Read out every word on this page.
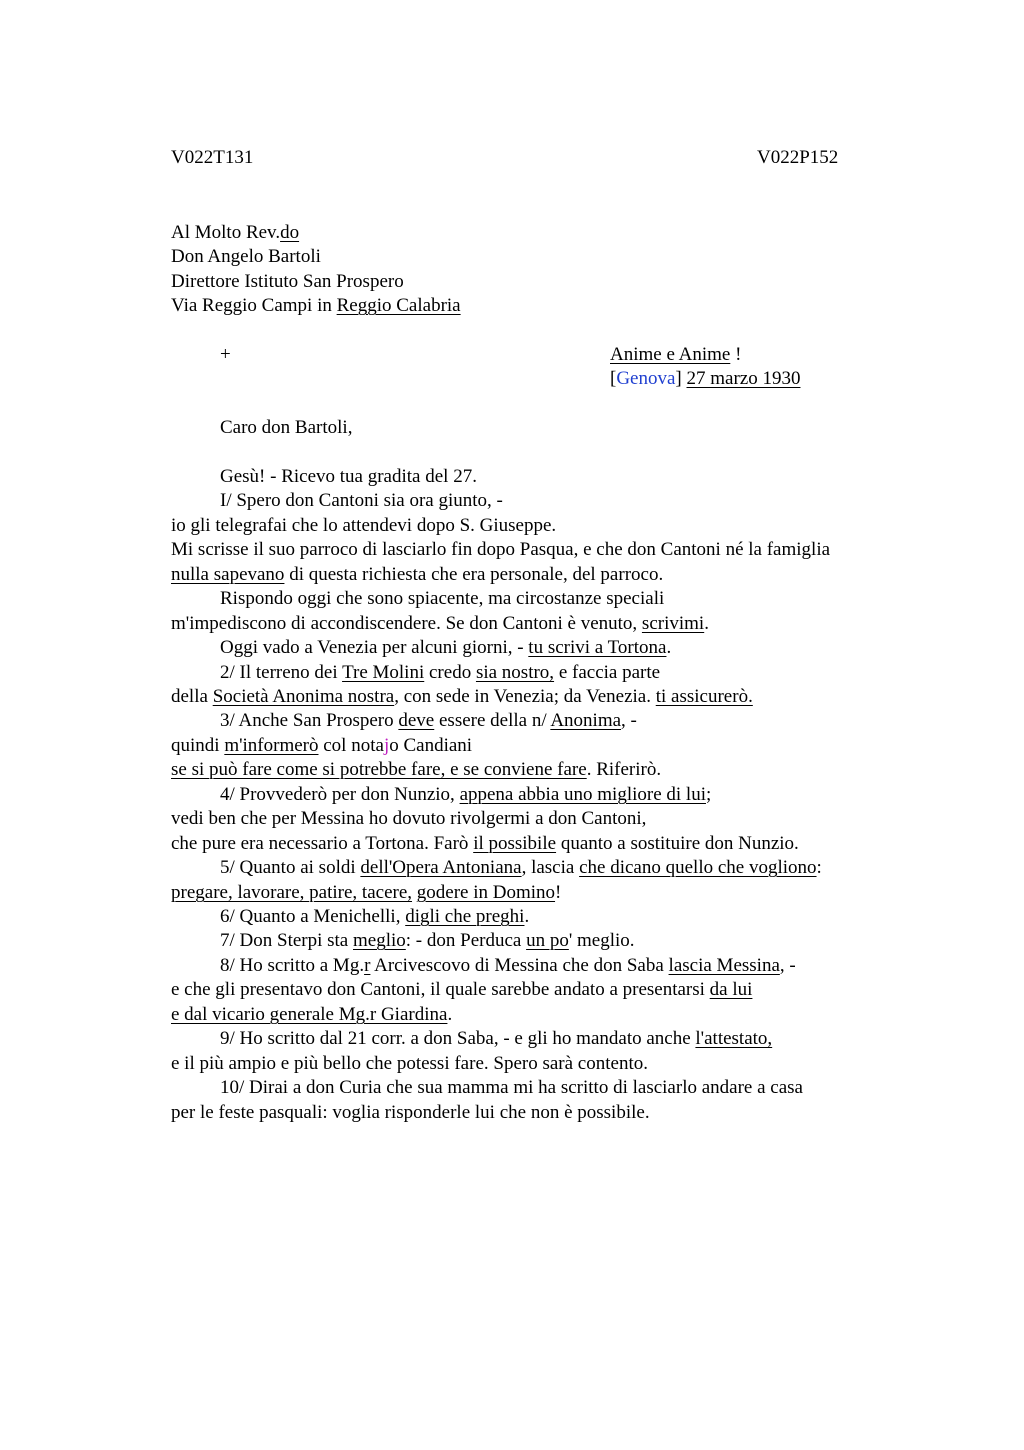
V022T131	V022P152
Al Molto Rev.do
Don Angelo Bartoli
Direttore Istituto San Prospero
Via Reggio Campi in Reggio Calabria
+	Anime e Anime !
[Genova] 27 marzo 1930
Caro don Bartoli,
Gesù! - Ricevo tua gradita del 27.
I/ Spero don Cantoni sia ora giunto, -
io gli telegrafai che lo attendevi dopo S. Giuseppe.
Mi scrisse il suo parroco di lasciarlo fin dopo Pasqua, e che don Cantoni né la famiglia
nulla sapevano di questa richiesta che era personale, del parroco.
Rispondo oggi che sono spiacente, ma circostanze speciali
m'impediscono di accondiscendere. Se don Cantoni è venuto, scrivimi.
Oggi vado a Venezia per alcuni giorni, - tu scrivi a Tortona.
2/ Il terreno dei Tre Molini credo sia nostro, e faccia parte
della Società Anonima nostra, con sede in Venezia; da Venezia. ti assicurerò.
3/ Anche San Prospero deve essere della n/ Anonima, -
quindi m'informerò col notajo Candiani
se si può fare come si potrebbe fare, e se conviene fare. Riferirò.
4/ Provvederò per don Nunzio, appena abbia uno migliore di lui;
vedi ben che per Messina ho dovuto rivolgermi a don Cantoni,
che pure era necessario a Tortona. Farò il possibile quanto a sostituire don Nunzio.
5/ Quanto ai soldi dell'Opera Antoniana, lascia che dicano quello che vogliono:
pregare, lavorare, patire, tacere, godere in Domino!
6/ Quanto a Menichelli, digli che preghi.
7/ Don Sterpi sta meglio: - don Perduca un po' meglio.
8/ Ho scritto a Mg.r Arcivescovo di Messina che don Saba lascia Messina, -
e che gli presentavo don Cantoni, il quale sarebbe andato a presentarsi da lui
e dal vicario generale Mg.r Giardina.
9/ Ho scritto dal 21 corr. a don Saba, - e gli ho mandato anche l'attestato,
e il più ampio e più bello che potessi fare. Spero sarà contento.
10/ Dirai a don Curia che sua mamma mi ha scritto di lasciarlo andare a casa
per le feste pasquali: voglia risponderle lui che non è possibile.
